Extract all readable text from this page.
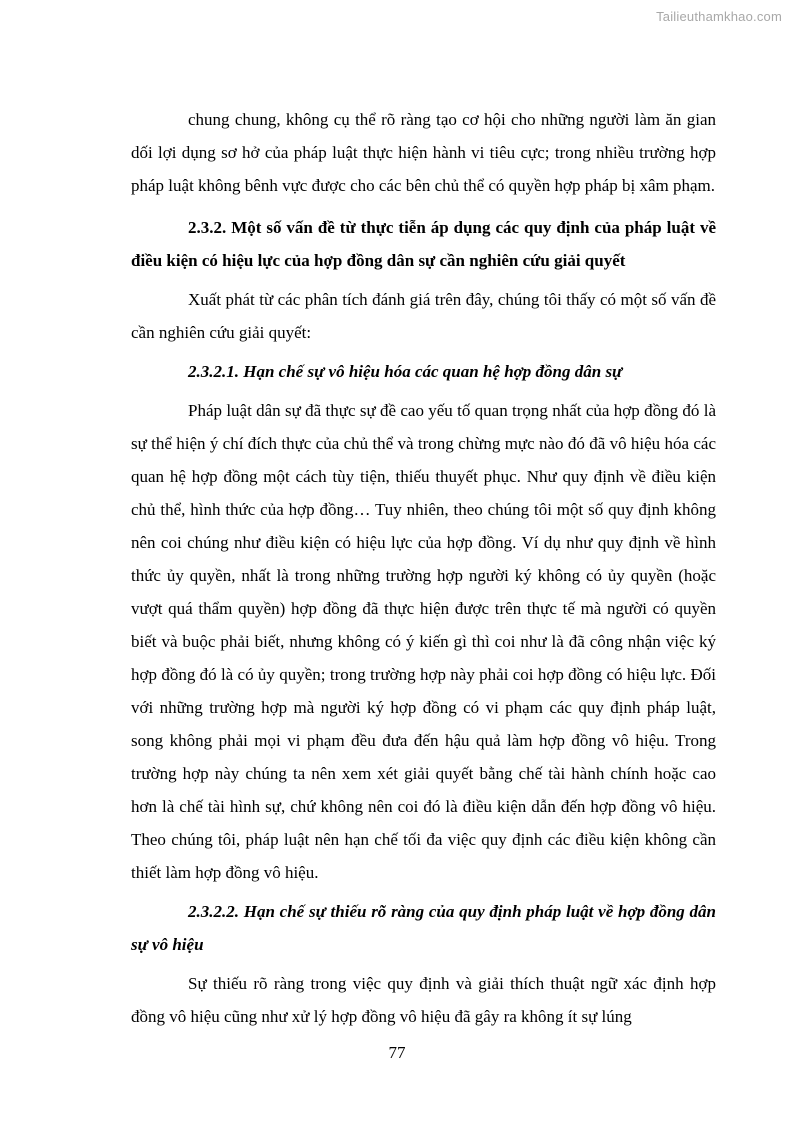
Tailieuthamkhao.com

chung chung, không cụ thể rõ ràng tạo cơ hội cho những người làm ăn gian dối lợi dụng sơ hở của pháp luật thực hiện hành vi tiêu cực; trong nhiều trường hợp pháp luật không bênh vực được cho các bên chủ thể có quyền hợp pháp bị xâm phạm.

2.3.2. Một số vấn đề từ thực tiễn áp dụng các quy định của pháp luật về điều kiện có hiệu lực của hợp đồng dân sự cần nghiên cứu giải quyết

Xuất phát từ các phân tích đánh giá trên đây, chúng tôi thấy có một số vấn đề cần nghiên cứu giải quyết:

2.3.2.1. Hạn chế sự vô hiệu hóa các quan hệ hợp đồng dân sự

Pháp luật dân sự đã thực sự đề cao yếu tố quan trọng nhất của hợp đồng đó là sự thể hiện ý chí đích thực của chủ thể và trong chừng mực nào đó đã vô hiệu hóa các quan hệ hợp đồng một cách tùy tiện, thiếu thuyết phục. Như quy định về điều kiện chủ thể, hình thức của hợp đồng… Tuy nhiên, theo chúng tôi một số quy định không nên coi chúng như điều kiện có hiệu lực của hợp đồng. Ví dụ như quy định về hình thức ủy quyền, nhất là trong những trường hợp người ký không có ủy quyền (hoặc vượt quá thẩm quyền) hợp đồng đã thực hiện được trên thực tế mà người có quyền biết và buộc phải biết, nhưng không có ý kiến gì thì coi như là đã công nhận việc ký hợp đồng đó là có ủy quyền; trong trường hợp này phải coi hợp đồng có hiệu lực. Đối với những trường hợp mà người ký hợp đồng có vi phạm các quy định pháp luật, song không phải mọi vi phạm đều đưa đến hậu quả làm hợp đồng vô hiệu. Trong trường hợp này chúng ta nên xem xét giải quyết bằng chế tài hành chính hoặc cao hơn là chế tài hình sự, chứ không nên coi đó là điều kiện dẫn đến hợp đồng vô hiệu. Theo chúng tôi, pháp luật nên hạn chế tối đa việc quy định các điều kiện không cần thiết làm hợp đồng vô hiệu.

2.3.2.2. Hạn chế sự thiếu rõ ràng của quy định pháp luật về hợp đồng dân sự vô hiệu

Sự thiếu rõ ràng trong việc quy định và giải thích thuật ngữ xác định hợp đồng vô hiệu cũng như xử lý hợp đồng vô hiệu đã gây ra không ít sự lúng

77
